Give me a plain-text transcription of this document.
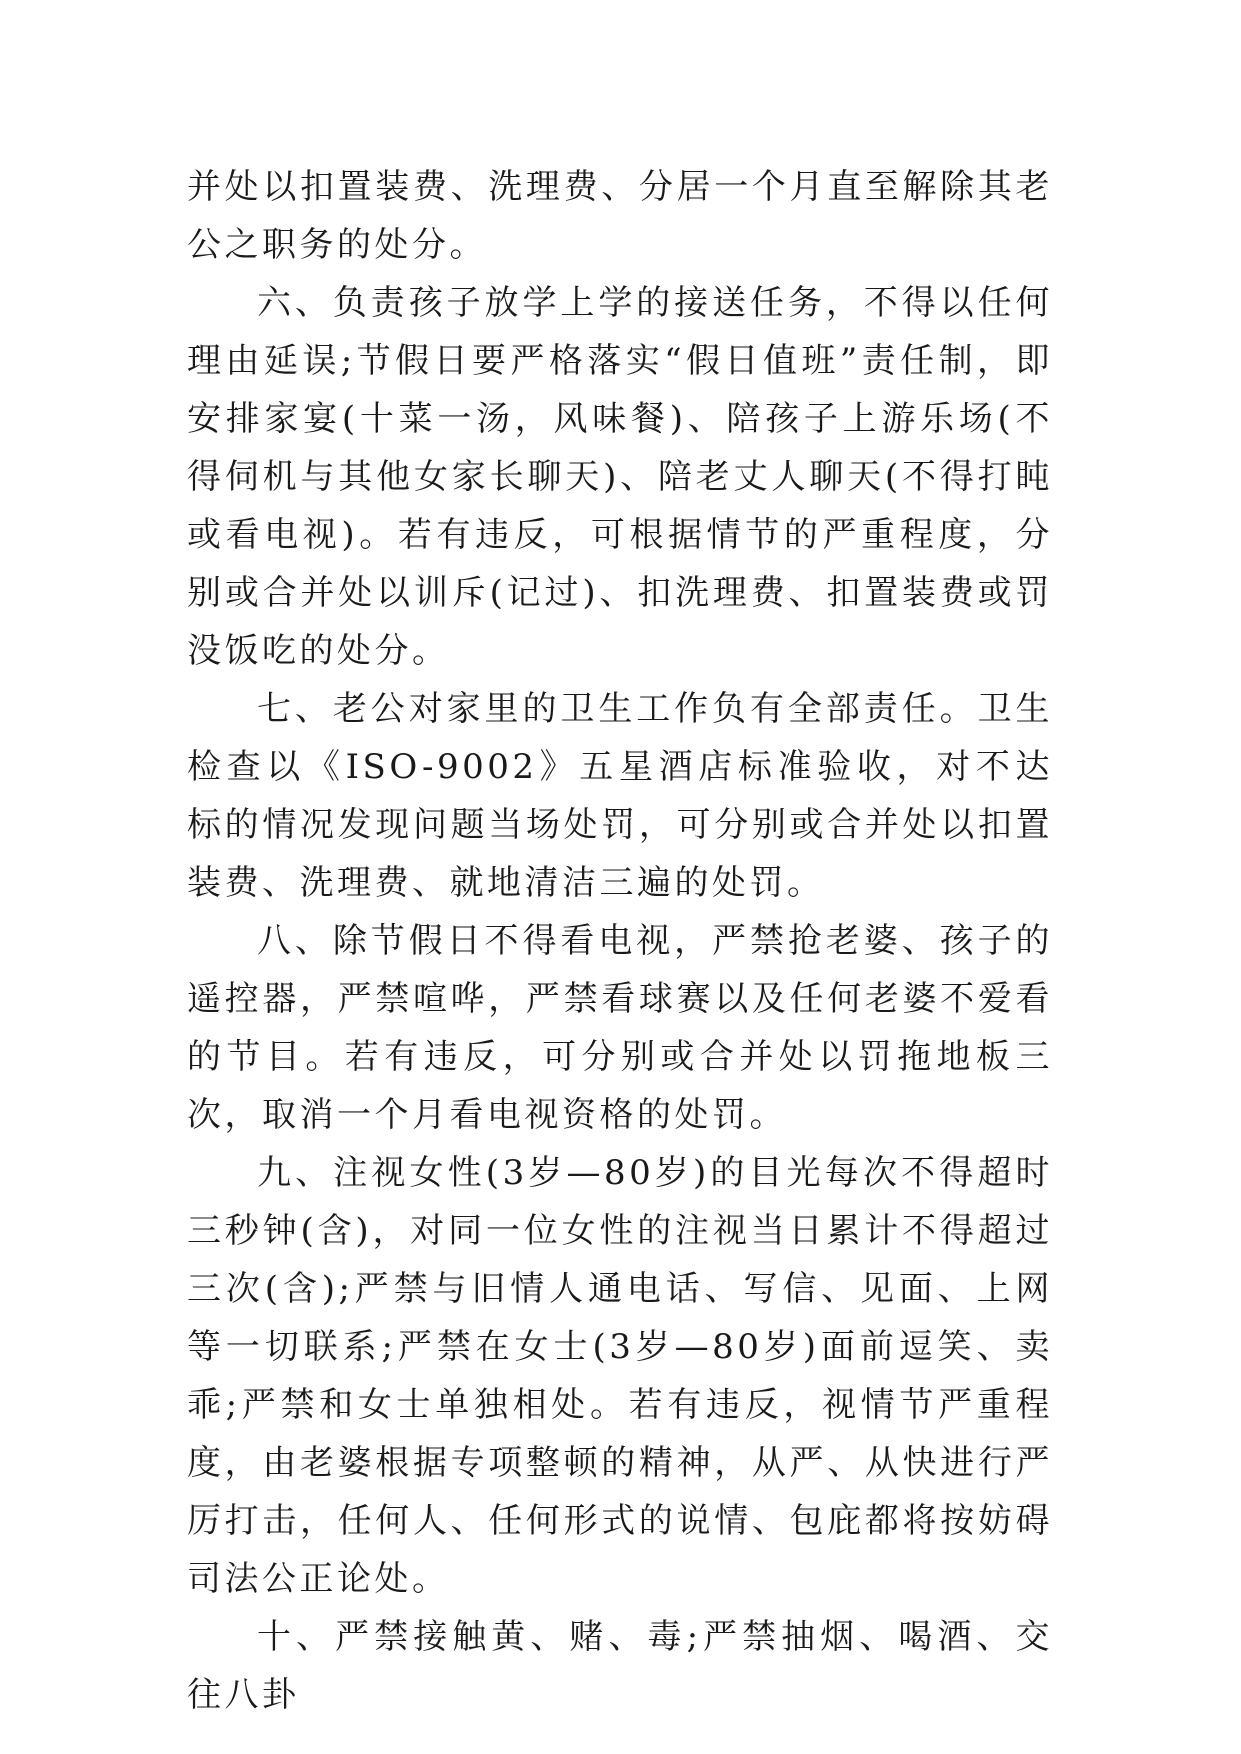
并处以扣置装费、洗理费、分居一个月直至解除其老公之职务的处分。

六、负责孩子放学上学的接送任务，不得以任何理由延误;节假日要严格落实“假日值班”责任制，即安排家宴(十菜一汤，风味餐)、陪孩子上游乐场(不得伺机与其他女家长聊天)、陪老丈人聊天(不得打盹或看电视)。若有违反，可根据情节的严重程度，分别或合并处以训斥(记过)、扣洗理费、扣置装费或罚没饭吃的处分。

七、老公对家里的卫生工作负有全部责任。卫生检查以《ISO-9002》五星酒店标准验收，对不达标的情况发现问题当场处罚，可分别或合并处以扣置装费、洗理费、就地清洁三遍的处罚。

八、除节假日不得看电视，严禁抢老婆、孩子的遥控器，严禁喧哗，严禁看球赛以及任何老婆不爱看的节目。若有违反，可分别或合并处以罚拖地板三次，取消一个月看电视资格的处罚。

九、注视女性(3岁—80岁)的目光每次不得超时三秒钟(含)，对同一位女性的注视当日累计不得超过三次(含);严禁与旧情人通电话、写信、见面、上网等一切联系;严禁在女士(3岁—80岁)面前逗笑、卖乖;严禁和女士单独相处。若有违反，视情节严重程度，由老婆根据专项整顿的精神，从严、从快进行严厉打击，任何人、任何形式的说情、包庇都将按妨碍司法公正论处。

十、严禁接触黄、赌、毒;严禁抽烟、喝酒、交往八卦
